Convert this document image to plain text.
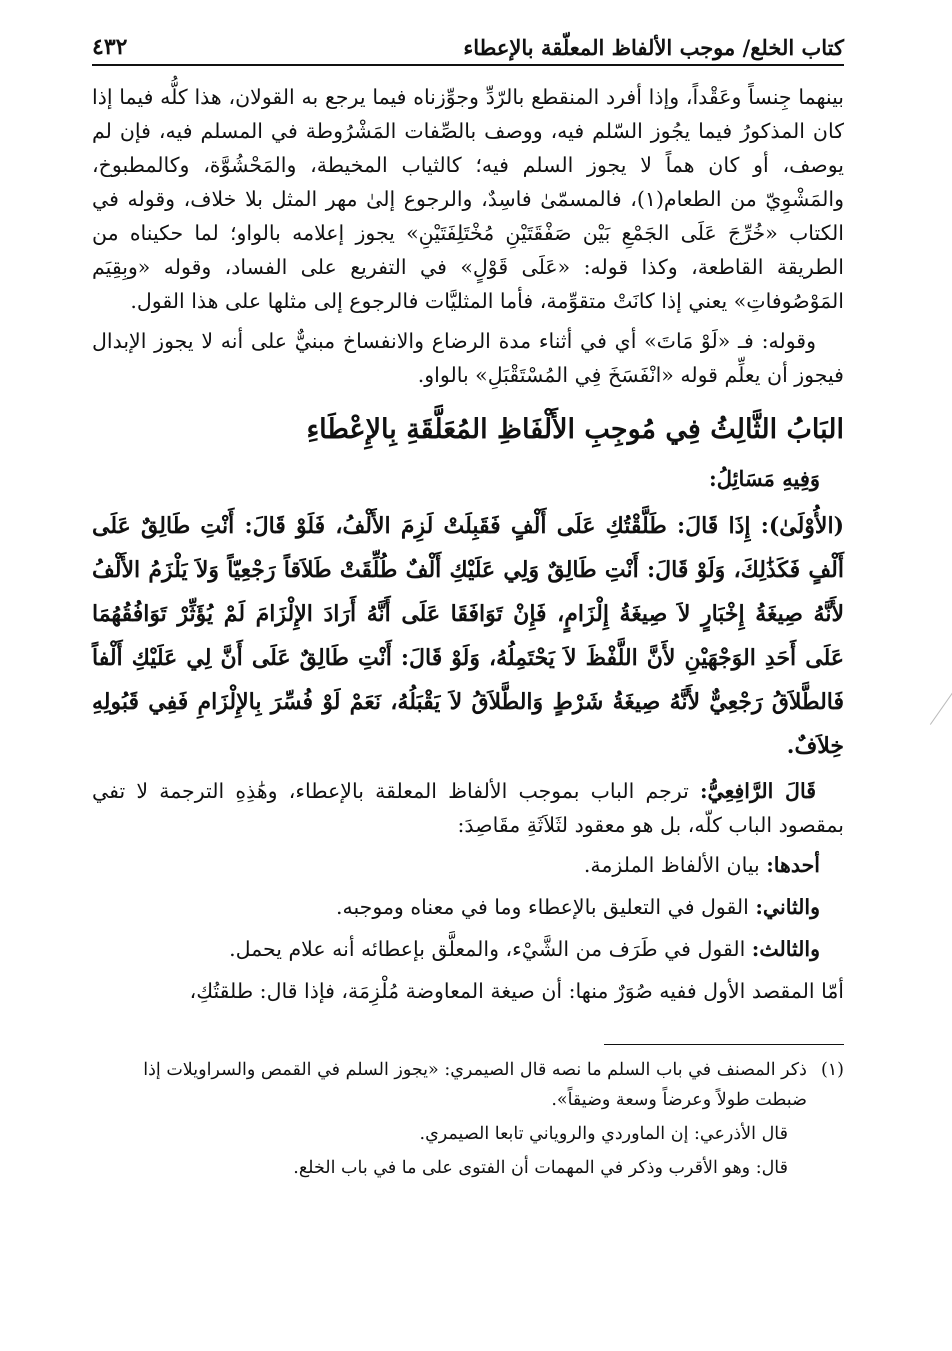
كتاب الخلع/ موجب الألفاظ المعلّقة بالإعطاء
٤٣٢

بينهما جِنساً وعَقْداً، وإذا أفرد المنقطع بالرّدِّ وجوِّزناه فيما يرجع به القولان، هذا كلُّه فيما إذا كان المذكورُ فيما يجُوز السّلم فيه، ووصف بالصِّفات المَشْرُوطة في المسلم فيه، فإن لم يوصف، أو كان هماً لا يجوز السلم فيه؛ كالثياب المخيطة، والمَحْشُوَّة، وكالمطبوخ، والمَشْوِيّ من الطعام(١)، فالمسمّىٰ فاسِدٌ، والرجوع إلىٰ مهر المثل بلا خلاف، وقوله في الكتاب «خُرِّجَ عَلَى الجَمْعِ بَيْن صَفْقَتَيْنِ مُخْتَلِفَتَيْنِ» يجوز إعلامه بالواو؛ لما حكيناه من الطريقة القاطعة، وكذا قوله: «عَلَى قَوْلٍ» في التفريع على الفساد، وقوله «وبِقِيَم المَوْصُوفاتِ» يعني إذا كانَتْ متقوِّمة، فأما المثليَّات فالرجوع إلى مثلها على هذا القول.

وقوله: فـ «لَوْ مَاتَ» أي في أثناء مدة الرضاع والانفساخ مبنيٌّ على أنه لا يجوز الإبدال فيجوز أن يعلِّم قوله «انْفَسَخَ فِي المُسْتَقْبَلِ» بالواو.

البَابُ الثَّالِثُ فِي مُوجِبِ الأَلْفَاظِ المُعَلَّقَةِ بِالإِعْطَاءِ
وَفِيهِ مَسَائِلُ:

(الأُوْلَىٰ): إِذَا قَالَ: طَلَّقْتُكِ عَلَى أَلْفٍ فَقَبِلَتْ لَزِمَ الأَلْفُ، فَلَوْ قَالَ: أَنْتِ طَالِقٌ عَلَى أَلْفٍ فَكَذَٰلِكَ، وَلَوْ قَالَ: أَنْتِ طَالِقٌ وَلِي عَلَيْكِ أَلْفٌ طُلِّقَتْ طَلاَقاً رَجْعِيّاً وَلاَ يَلْزَمُ الأَلْفُ لأَنَّهُ صِيغَةُ إِخْبَارٍ لاَ صِيغَةُ إِلْزَامٍ، فَإِنْ تَوَافَقَا عَلَى أَنَّهُ أَرَادَ الإِلْزَامَ لَمْ يُؤَثِّرْ تَوَافُقُهُمَا عَلَى أَحَدِ الوَجْهَيْنِ لأَنَّ اللَّفْظَ لاَ يَحْتَمِلُهُ، وَلَوْ قَالَ: أَنْتِ طَالِقٌ عَلَى أَنَّ لِي عَلَيْكِ أَلْفاً فَالطَّلاَقُ رَجْعِيٌّ لأَنَّهُ صِيغَةُ شَرْطٍ وَالطَّلاَقُ لاَ يَقْبَلُهُ، نَعَمْ لَوْ فُسِّرَ بِالإِلْزَامِ فَفِي قَبُولِهِ خِلاَفٌ.

قَالَ الرَّافِعِيُّ: ترجم الباب بموجب الألفاظ المعلقة بالإعطاء، وهَٰذِهِ الترجمة لا تفي بمقصود الباب كلّه، بل هو معقود لثَلاَثَةِ مقَاصِدَ:

أحدها: بيان الألفاظ الملزمة.

والثاني: القول في التعليق بالإعطاء وما في معناه وموجبه.

والثالث: القول في طَرَف من الشَّيْء، والمعلَّق بإعطائه أنه علام يحمل.

أمّا المقصد الأول ففيه صُوَرٌ منها: أن صيغة المعاوضة مُلْزِمَة، فإذا قال: طلقتُكِ،

(١)
ذكر المصنف في باب السلم ما نصه قال الصيمري: «يجوز السلم في القمص والسراويلات إذا ضبطت طولاً وعرضاً وسعة وضيقاً».

قال الأذرعي: إن الماوردي والروياني تابعا الصيمري.

قال: وهو الأقرب وذكر في المهمات أن الفتوى على ما في باب الخلع.
